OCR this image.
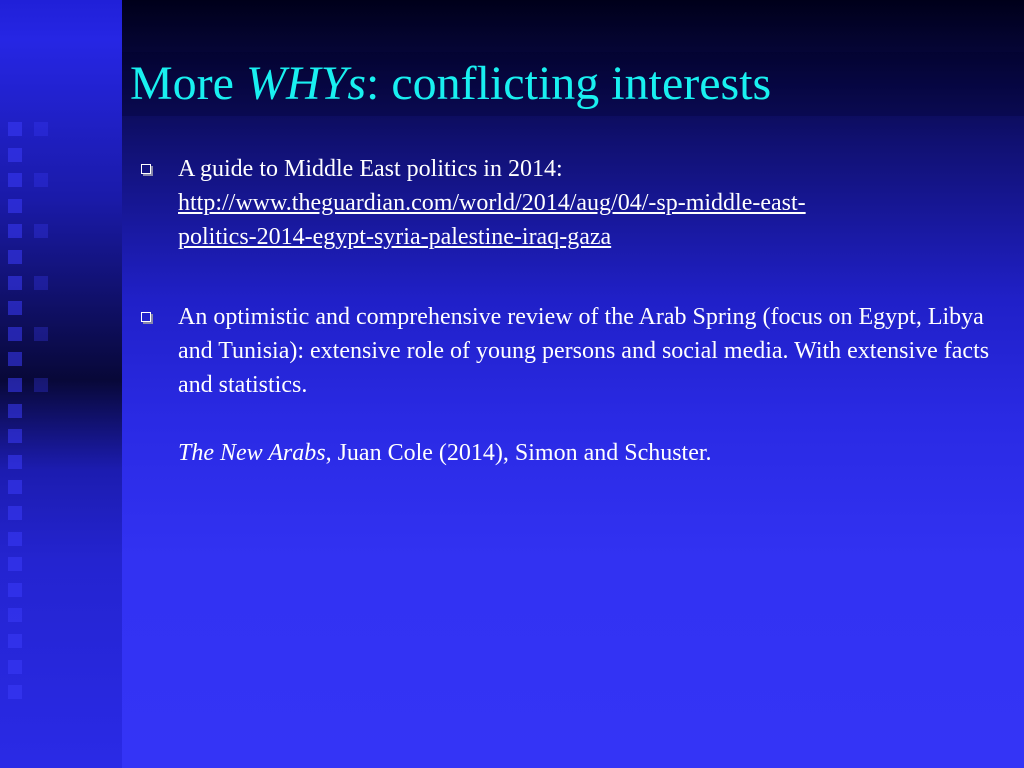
More WHYs: conflicting interests
A guide to Middle East politics in 2014:
http://www.theguardian.com/world/2014/aug/04/-sp-middle-east-
politics-2014-egypt-syria-palestine-iraq-gaza
An optimistic and comprehensive review of the Arab Spring (focus on Egypt, Libya and Tunisia): extensive role of young persons and social media. With extensive facts and statistics.
The New Arabs, Juan Cole (2014), Simon and Schuster.
